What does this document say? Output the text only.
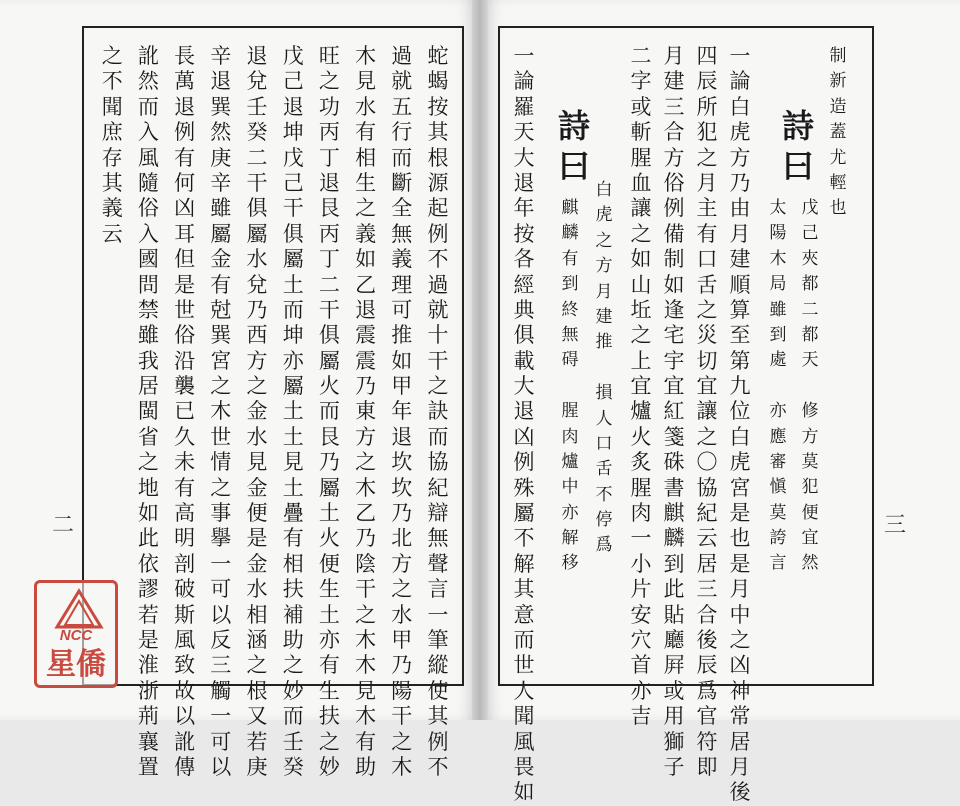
二	三
蛇
蝎
按
其
根
源
起
例
不
過
就
十
干
之
訣
而
協
紀
辯
無
聲
言
一
筆
縱
使
其
例
不
過
就
五
行
而
斷
全
無
義
理
可
推
如
甲
年
退
坎
坎
乃
北
方
之
水
甲
乃
陽
干
之
木
木
見
水
有
相
生
之
義
如
乙
退
震
震
乃
東
方
之
木
乙
乃
陰
干
之
木
木
見
木
有
助
旺
之
功
丙
丁
退
艮
丙
丁
二
干
俱
屬
火
而
艮
乃
屬
土
火
便
生
土
亦
有
生
扶
之
妙
戊
己
退
坤
戊
己
干
俱
屬
土
而
坤
亦
屬
土
土
見
土
疊
有
相
扶
補
助
之
妙
而
壬
癸
退
兌
壬
癸
二
干
俱
屬
水
兌
乃
西
方
之
金
水
見
金
便
是
金
水
相
涵
之
根
又
若
庚
辛
退
巽
然
庚
辛
雖
屬
金
有
尅
巽
宮
之
木
世
情
之
事
擧
一
可
以
反
三
觸
一
可
以
長
萬
退
例
有
何
凶
耳
但
是
世
俗
沿
襲
已
久
未
有
高
明
剖
破
斯
風
致
故
以
訛
傳
訛
然
而
入
風
隨
俗
入
國
問
禁
雖
我
居
閩
省
之
地
如
此
依
謬
若
是
淮
浙
荊
襄
置
之
不
聞
庶
存
其
義
云
制
新
造
蓋
尤
輕
也
詩
曰
戊
己
夾
都
二
都
天

修
方
莫
犯
便
宜
然
太
陽
木
局
雖
到
處

亦
應
審
愼
莫
誇
言
一
論
白
虎
方
乃
由
月
建
順
算
至
第
九
位
白
虎
宮
是
也
是
月
中
之
凶
神
常
居
月
後
四
辰
所
犯
之
月
主
有
口
舌
之
災
切
宜
讓
之
〇
協
紀
云
居
三
合
後
辰
爲
官
符
即
月
建
三
合
方
俗
例
備
制
如
逢
宅
宇
宜
紅
箋
硃
書
麒
麟
到
此
貼
廳
屛
或
用
獅
子
二
字
或
斬
腥
血
讓
之
如
山
坵
之
上
宜
爐
火
炙
腥
肉
一
小
片
安
穴
首
亦
吉
詩
曰
白
虎
之
方
月
建
推

損
人
口
舌
不
停
爲
麒
麟
有
到
終
無
碍

腥
肉
爐
中
亦
解
移
一
論
羅
天
大
退
年
按
各
經
典
俱
載
大
退
凶
例
殊
屬
不
解
其
意
而
世
人
聞
風
畏
如
NCC
星僑
